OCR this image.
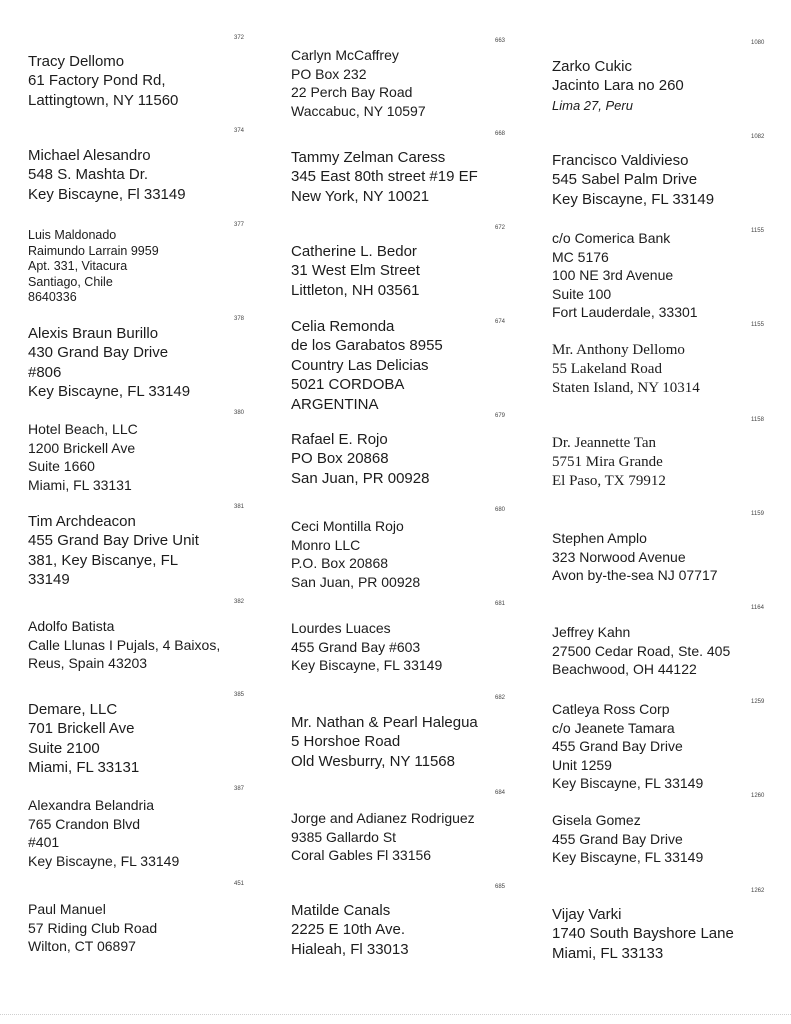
372
Tracy Dellomo
61 Factory Pond Rd,
Lattingtown, NY 11560
374
Michael Alesandro
548 S. Mashta Dr.
Key Biscayne, Fl 33149
377
Luis Maldonado
Raimundo Larrain 9959
Apt. 331, Vitacura
Santiago, Chile
8640336
378
Alexis Braun Burillo
430 Grand Bay Drive
#806
Key Biscayne, FL 33149
380
Hotel Beach, LLC
1200 Brickell Ave
Suite 1660
Miami, FL 33131
381
Tim Archdeacon
455 Grand Bay Drive Unit
381, Key Biscanye, FL
33149
382
Adolfo Batista
Calle Llunas I Pujals, 4 Baixos,
Reus, Spain 43203
385
Demare, LLC
701 Brickell Ave
Suite 2100
Miami, FL 33131
387
Alexandra Belandria
765 Crandon Blvd
#401
Key Biscayne, FL 33149
451
Paul Manuel
57 Riding Club Road
Wilton, CT 06897
663
Carlyn McCaffrey
PO Box 232
22 Perch Bay Road
Waccabuc, NY 10597
668
Tammy Zelman Caress
345 East 80th street #19 EF
New York, NY 10021
672
Catherine L. Bedor
31 West Elm Street
Littleton, NH 03561
674
Celia Remonda
de los Garabatos 8955
Country Las Delicias
5021 CORDOBA
ARGENTINA
679
Rafael E. Rojo
PO Box 20868
San Juan, PR 00928
680
Ceci Montilla Rojo
Monro LLC
P.O. Box 20868
San Juan, PR 00928
681
Lourdes Luaces
455 Grand Bay #603
Key Biscayne, FL 33149
682
Mr. Nathan & Pearl Halegua
5 Horshoe Road
Old Wesburry, NY 11568
684
Jorge and Adianez Rodriguez
9385 Gallardo St
Coral Gables Fl 33156
685
Matilde Canals
2225 E 10th Ave.
Hialeah, Fl 33013
1080
Zarko Cukic
Jacinto Lara no 260
Lima 27, Peru
1082
Francisco Valdivieso
545 Sabel Palm Drive
Key Biscayne, FL 33149
1155
c/o Comerica Bank
MC 5176
100 NE 3rd Avenue
Suite 100
Fort Lauderdale, 33301
1155
Mr. Anthony Dellomo
55 Lakeland Road
Staten Island, NY 10314
1158
Dr. Jeannette Tan
5751 Mira Grande
El Paso, TX 79912
1159
Stephen Amplo
323 Norwood Avenue
Avon by-the-sea NJ 07717
1164
Jeffrey Kahn
27500 Cedar Road, Ste. 405
Beachwood, OH 44122
1259
Catleya Ross Corp
c/o Jeanete Tamara
455 Grand Bay Drive
Unit 1259
Key Biscayne, FL 33149
1260
Gisela Gomez
455 Grand Bay Drive
Key Biscayne, FL 33149
1262
Vijay Varki
1740 South Bayshore Lane
Miami, FL 33133
